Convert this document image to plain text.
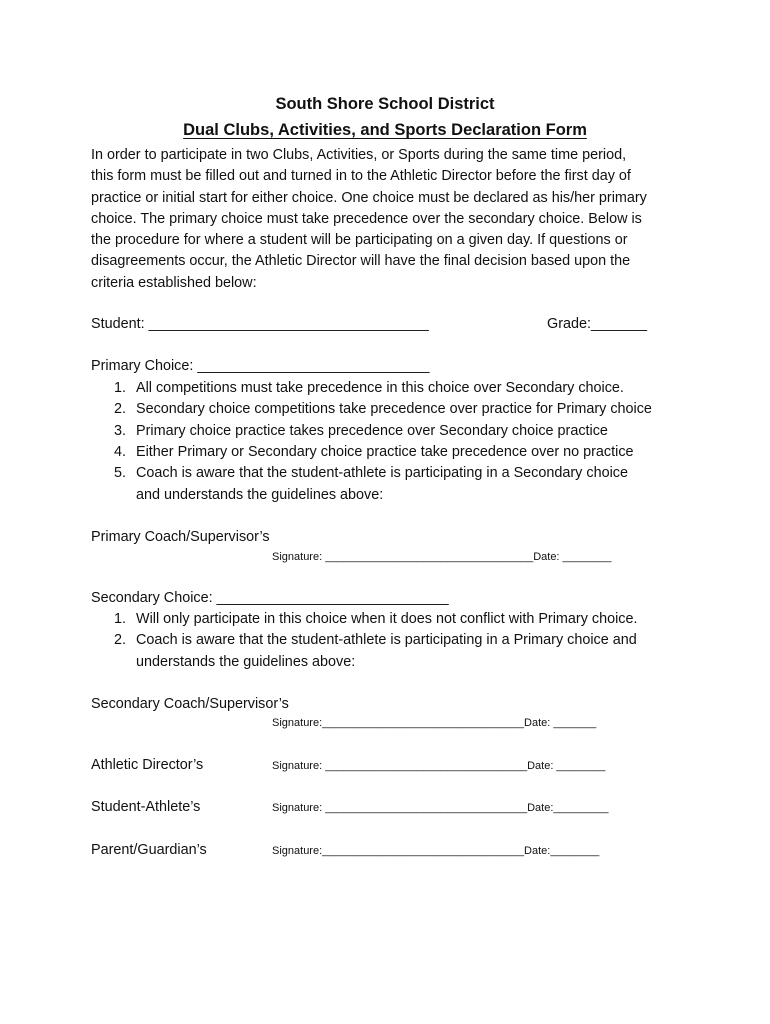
South Shore School District
Dual Clubs, Activities, and Sports Declaration Form
In order to participate in two Clubs, Activities, or Sports during the same time period,
this form must be filled out and turned in to the Athletic Director before the first day of
practice or initial start for either choice. One choice must be declared as his/her primary
choice. The primary choice must take precedence over the secondary choice. Below is
the procedure for where a student will be participating on a given day. If questions or
disagreements occur, the Athletic Director will have the final decision based upon the
criteria established below:
Student: ___________________________________	Grade:_______
Primary Choice: _____________________________
1. All competitions must take precedence in this choice over Secondary choice.
2. Secondary choice competitions take precedence over practice for Primary choice
3. Primary choice practice takes precedence over Secondary choice practice
4. Either Primary or Secondary choice practice take precedence over no practice
5. Coach is aware that the student-athlete is participating in a Secondary choice
and understands the guidelines above:
Primary Coach/Supervisor’s
Signature: __________________________________Date: ________
Secondary Choice: _____________________________
1. Will only participate in this choice when it does not conflict with Primary choice.
2. Coach is aware that the student-athlete is participating in a Primary choice and
understands the guidelines above:
Secondary Coach/Supervisor’s
Signature:_________________________________Date: _______
Athletic Director’s	Signature: _________________________________Date: ________
Student-Athlete’s	Signature: _________________________________Date:_________
Parent/Guardian’s	Signature:_________________________________Date:________
